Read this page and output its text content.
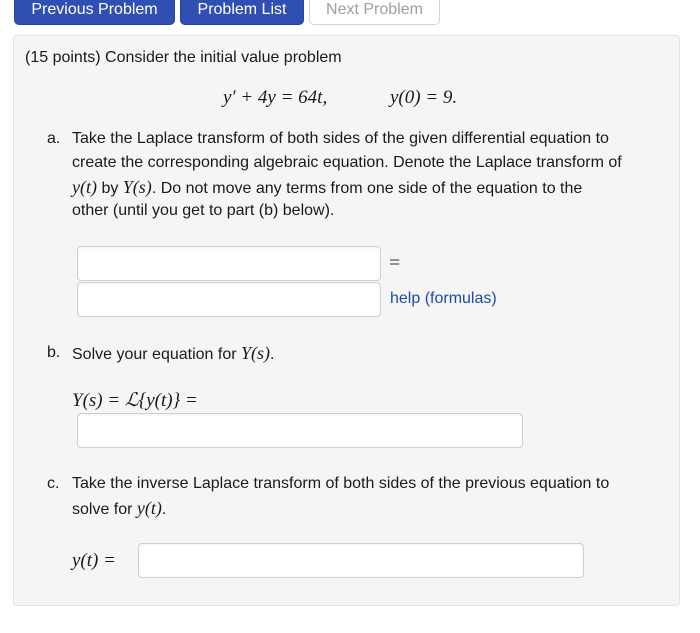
Previous Problem	Problem List	Next Problem
(15 points) Consider the initial value problem
y′ + 4y = 64t,	y(0) = 9.
a. Take the Laplace transform of both sides of the given differential equation to
create the corresponding algebraic equation. Denote the Laplace transform of
y(t) by Y(s). Do not move any terms from one side of the equation to the
other (until you get to part (b) below).
=
help (formulas)
b. Solve your equation for Y(s).
Y(s) = ℒ{y(t)} =
c. Take the inverse Laplace transform of both sides of the previous equation to
solve for y(t).
y(t) =
